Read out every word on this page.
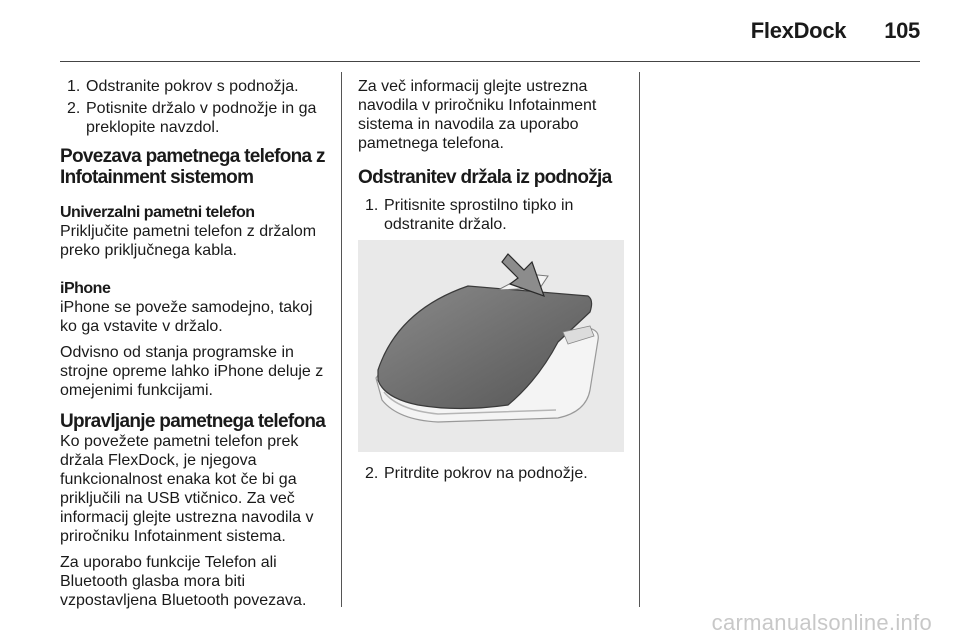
FlexDock 105
1. Odstranite pokrov s podnožja.
2. Potisnite držalo v podnožje in ga preklopite navzdol.
Povezava pametnega telefona z Infotainment sistemom
Univerzalni pametni telefon

Priključite pametni telefon z držalom preko priključnega kabla.

iPhone

iPhone se poveže samodejno, takoj ko ga vstavite v držalo.

Odvisno od stanja programske in strojne opreme lahko iPhone deluje z omejenimi funkcijami.

Upravljanje pametnega telefona

Ko povežete pametni telefon prek držala FlexDock, je njegova funkcionalnost enaka kot če bi ga priključili na USB vtičnico. Za več informacij glejte ustrezna navodila v priročniku Infotainment sistema.

Za uporabo funkcije Telefon ali Bluetooth glasba mora biti vzpostavljena Bluetooth povezava.

Za več informacij glejte ustrezna navodila v priročniku Infotainment sistema in navodila za uporabo pametnega telefona.

Odstranitev držala iz podnožja
1. Pritisnite sprostilno tipko in odstranite držalo.
2. Pritrdite pokrov na podnožje.
carmanualsonline.info
